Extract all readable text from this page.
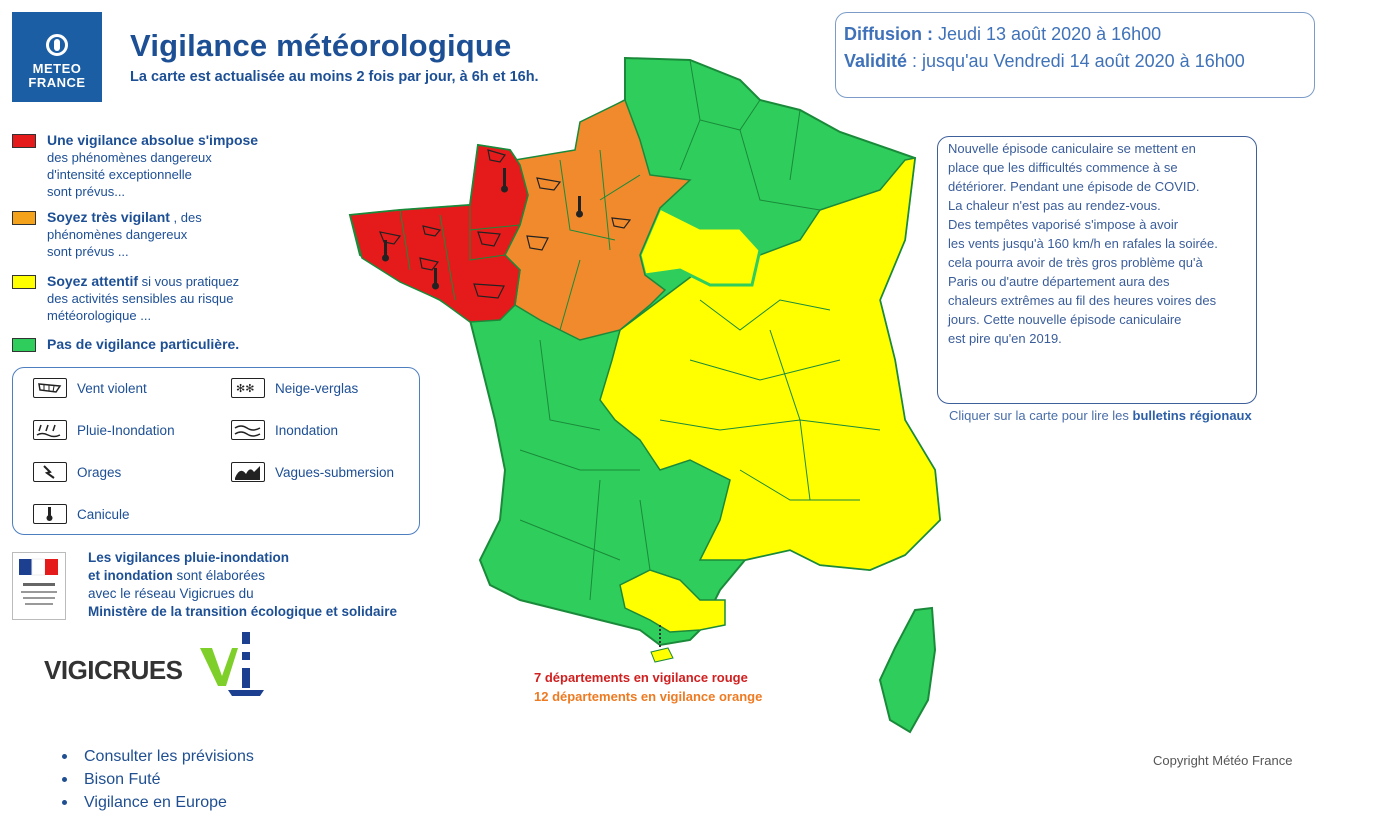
METEO
FRANCE
Vigilance météorologique
La carte est actualisée au moins 2 fois par jour, à 6h et 16h.
Une vigilance absolue s'impose
des phénomènes dangereux
d'intensité exceptionnelle
sont prévus...
Soyez très vigilant , des
phénomènes dangereux
sont prévus ...
Soyez attentif si vous pratiquez
des activités sensibles au risque
météorologique ...
Pas de vigilance particulière.
Vent violent	✻✻ Neige-verglas
Pluie-Inondation	Inondation
Orages	Vagues-submersion
Canicule
Les vigilances pluie-inondation
et inondation sont élaborées
avec le réseau Vigicrues du
Ministère de la transition écologique et solidaire
VIGICRUES
Consulter les prévisions
Bison Futé
Vigilance en Europe
Diffusion : Jeudi 13 août 2020 à 16h00
Validité : jusqu'au Vendredi 14 août 2020 à 16h00
Nouvelle épisode caniculaire se mettent en
place que les difficultés commence à se
détériorer. Pendant une épisode de COVID.
La chaleur n'est pas au rendez-vous.
Des tempêtes vaporisé s'impose à avoir
les vents jusqu'à 160 km/h en rafales la soirée.
cela pourra avoir de très gros problème qu'à
Paris ou d'autre département aura des
chaleurs extrêmes au fil des heures voires des
jours. Cette nouvelle épisode caniculaire
est pire qu'en 2019.
Cliquer sur la carte pour lire les bulletins régionaux
7 départements en vigilance rouge
12 départements en vigilance orange
Copyright Météo France
